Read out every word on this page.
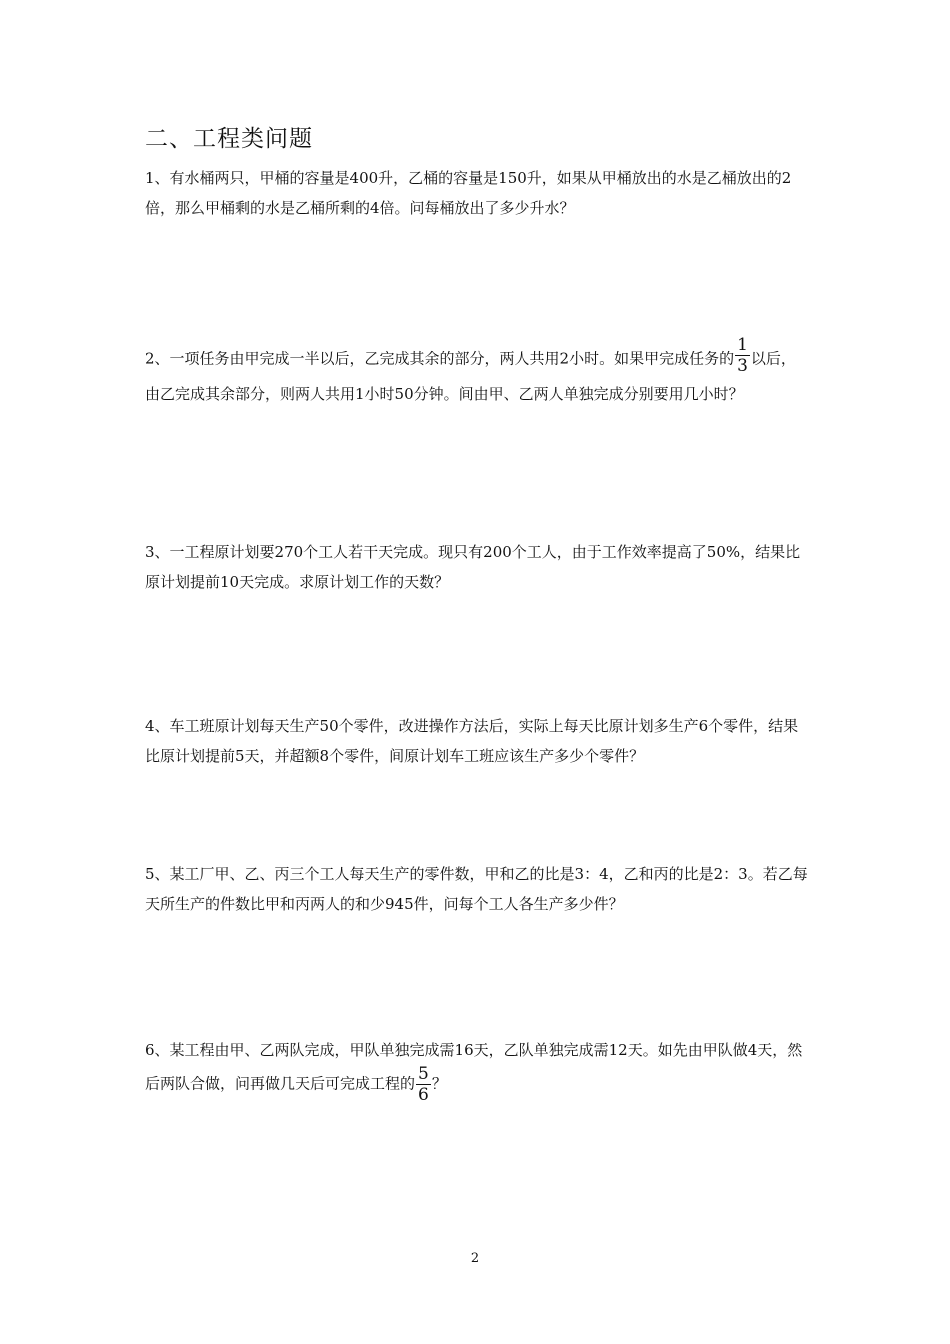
二、工程类问题
1、有水桶两只，甲桶的容量是400升，乙桶的容量是150升，如果从甲桶放出的水是乙桶放出的2倍，那么甲桶剩的水是乙桶所剩的4倍。问每桶放出了多少升水？
2、一项任务由甲完成一半以后，乙完成其余的部分，两人共用2小时。如果甲完成任务的 $\frac{1}{3}$ 以后，由乙完成其余部分，则两人共用1小时50分钟。间由甲、乙两人单独完成分别要用几小时？
3、一工程原计划要270个工人若干天完成。现只有200个工人，由于工作效率提高了50%，结果比原计划提前10天完成。求原计划工作的天数？
4、车工班原计划每天生产50个零件，改进操作方法后，实际上每天比原计划多生产6个零件，结果比原计划提前5天，并超额8个零件，间原计划车工班应该生产多少个零件？
5、某工厂甲、乙、丙三个工人每天生产的零件数，甲和乙的比是3：4，乙和丙的比是2：3。若乙每天所生产的件数比甲和丙两人的和少945件，问每个工人各生产多少件？
6、某工程由甲、乙两队完成，甲队单独完成需16天，乙队单独完成需12天。如先由甲队做4天，然后两队合做，问再做几天后可完成工程的 $\frac{5}{6}$ ？
2
